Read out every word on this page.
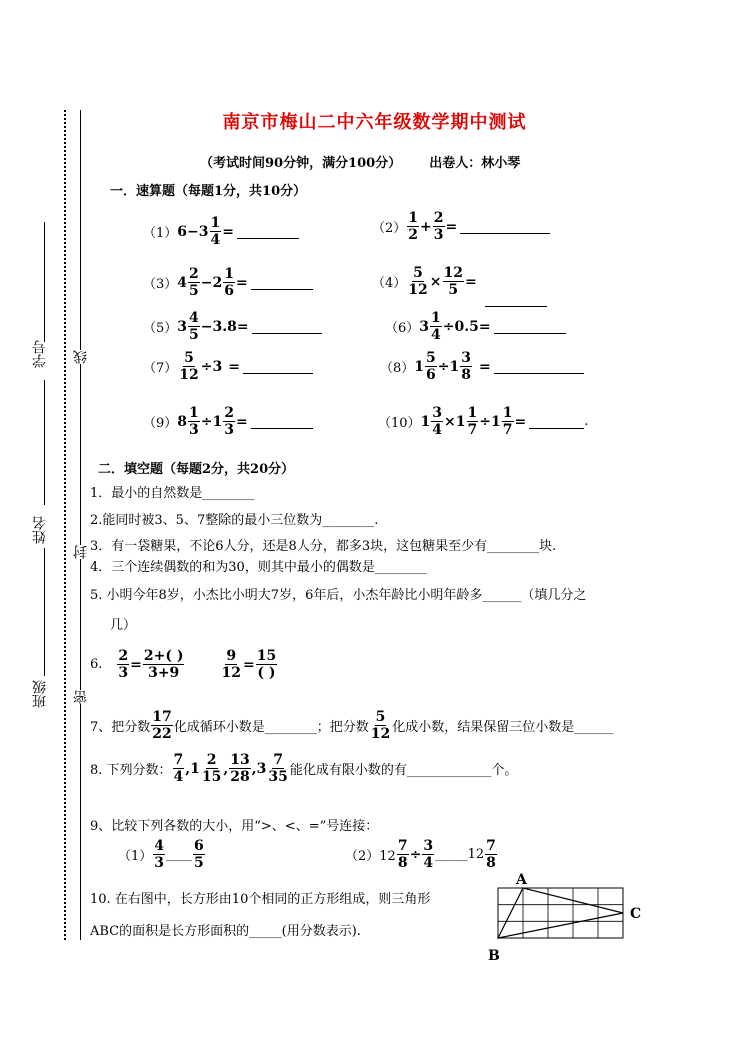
线
封
密
学号
姓名
班级
南京市梅山二中六年级数学期中测试
（考试时间90分钟，满分100分） 出卷人：林小琴
一．速算题（每题1分，共10分）
（1） $6-3 \frac{1}{4}$ =	$(2) \frac{1}{2} + \frac{2}{3}$ =
（3） $4 \frac{2}{5} -2 \frac{1}{6}$ =	$(4) \frac{5}{12} \times \frac{12}{5}$ =
（5） $3 \frac{4}{5} -3.8$ =	（6） $3 \frac{1}{4} \div 0.5$ =
$(7) \frac{5}{12} \div 3$ =	（8） $1 \frac{5}{6} \div 1 \frac{3}{8}$ =
（9） $8 \frac{1}{3} \div 1 \frac{2}{3}$ =	（10） $1 \frac{3}{4} \times 1 \frac{1}{7} \div 1 \frac{1}{7}$ =	.
二．填空题（每题2分，共20分）
1．最小的自然数是________
2.能同时被3、5、7整除的最小三位数为________.
3．有一袋糖果，不论6人分，还是8人分，都多3块，这包糖果至少有________块.
4．三个连续偶数的和为30，则其中最小的偶数是________
5. 小明今年8岁，小杰比小明大7岁，6年后，小杰年龄比小明年龄多______（填几分之
几）
6. $\frac{2}{3} = \frac{2+( )}{3+9}$	$\frac{9}{12} = \frac{15}{( )}$
7、把分数 $\frac{17}{22}$ 化成循环小数是________；把分数 $\frac{5}{12}$ 化成小数，结果保留三位小数是______
8. 下列分数： $\frac{7}{4} ,1 \frac{2}{15}$ , $\frac{13}{28} ,3 \frac{7}{35}$ 能化成有限小数的有_____________个。
9、比较下列各数的大小，用“>、<、=”号连接：
$(1) \frac{4}{3}$ ____ $\frac{6}{5}$	$(2)12 \frac{7}{8} \div \frac{3}{4}$ _____12 $\frac{7}{8}$
10. 在右图中，长方形由10个相同的正方形组成，则三角形
ABC的面积是长方形面积的_____(用分数表示).
A
C
B
